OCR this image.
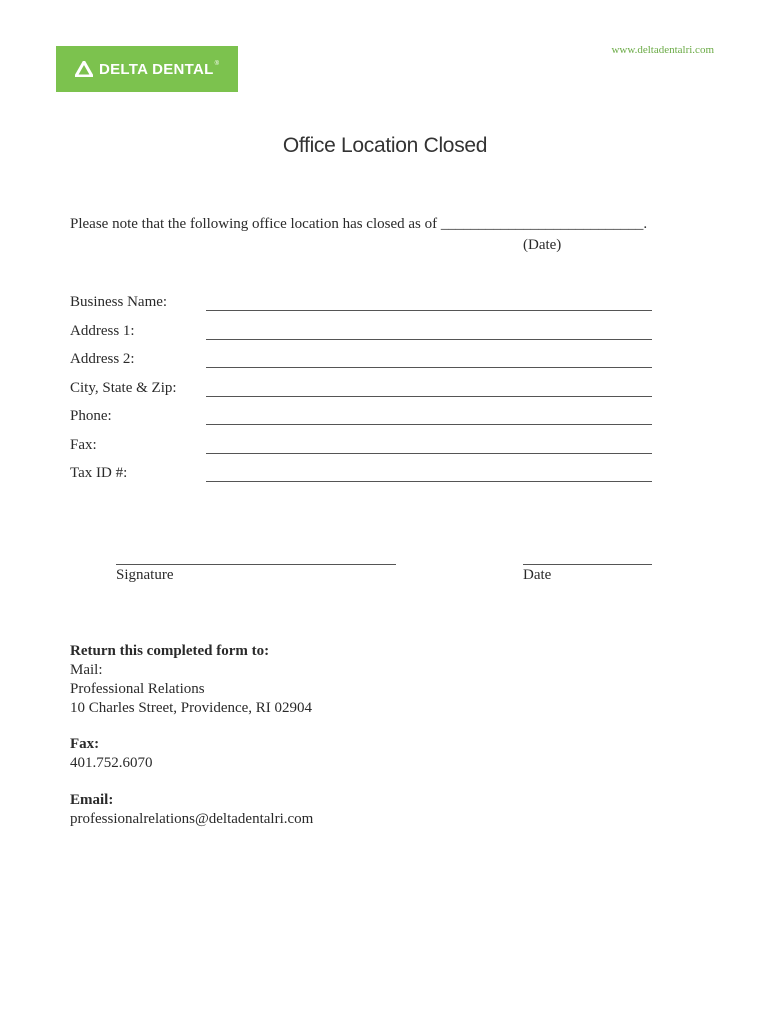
DELTA DENTAL ®
www.deltadentalri.com
Office Location Closed
Please note that the following office location has closed as of ___________________________.
(Date)
Business Name:
Address 1:
Address 2:
City, State & Zip:
Phone:
Fax:
Tax ID #:
Signature	Date
Return this completed form to:
Mail:
Professional Relations
10 Charles Street, Providence, RI 02904
Fax:
401.752.6070
Email:
professionalrelations@deltadentalri.com
